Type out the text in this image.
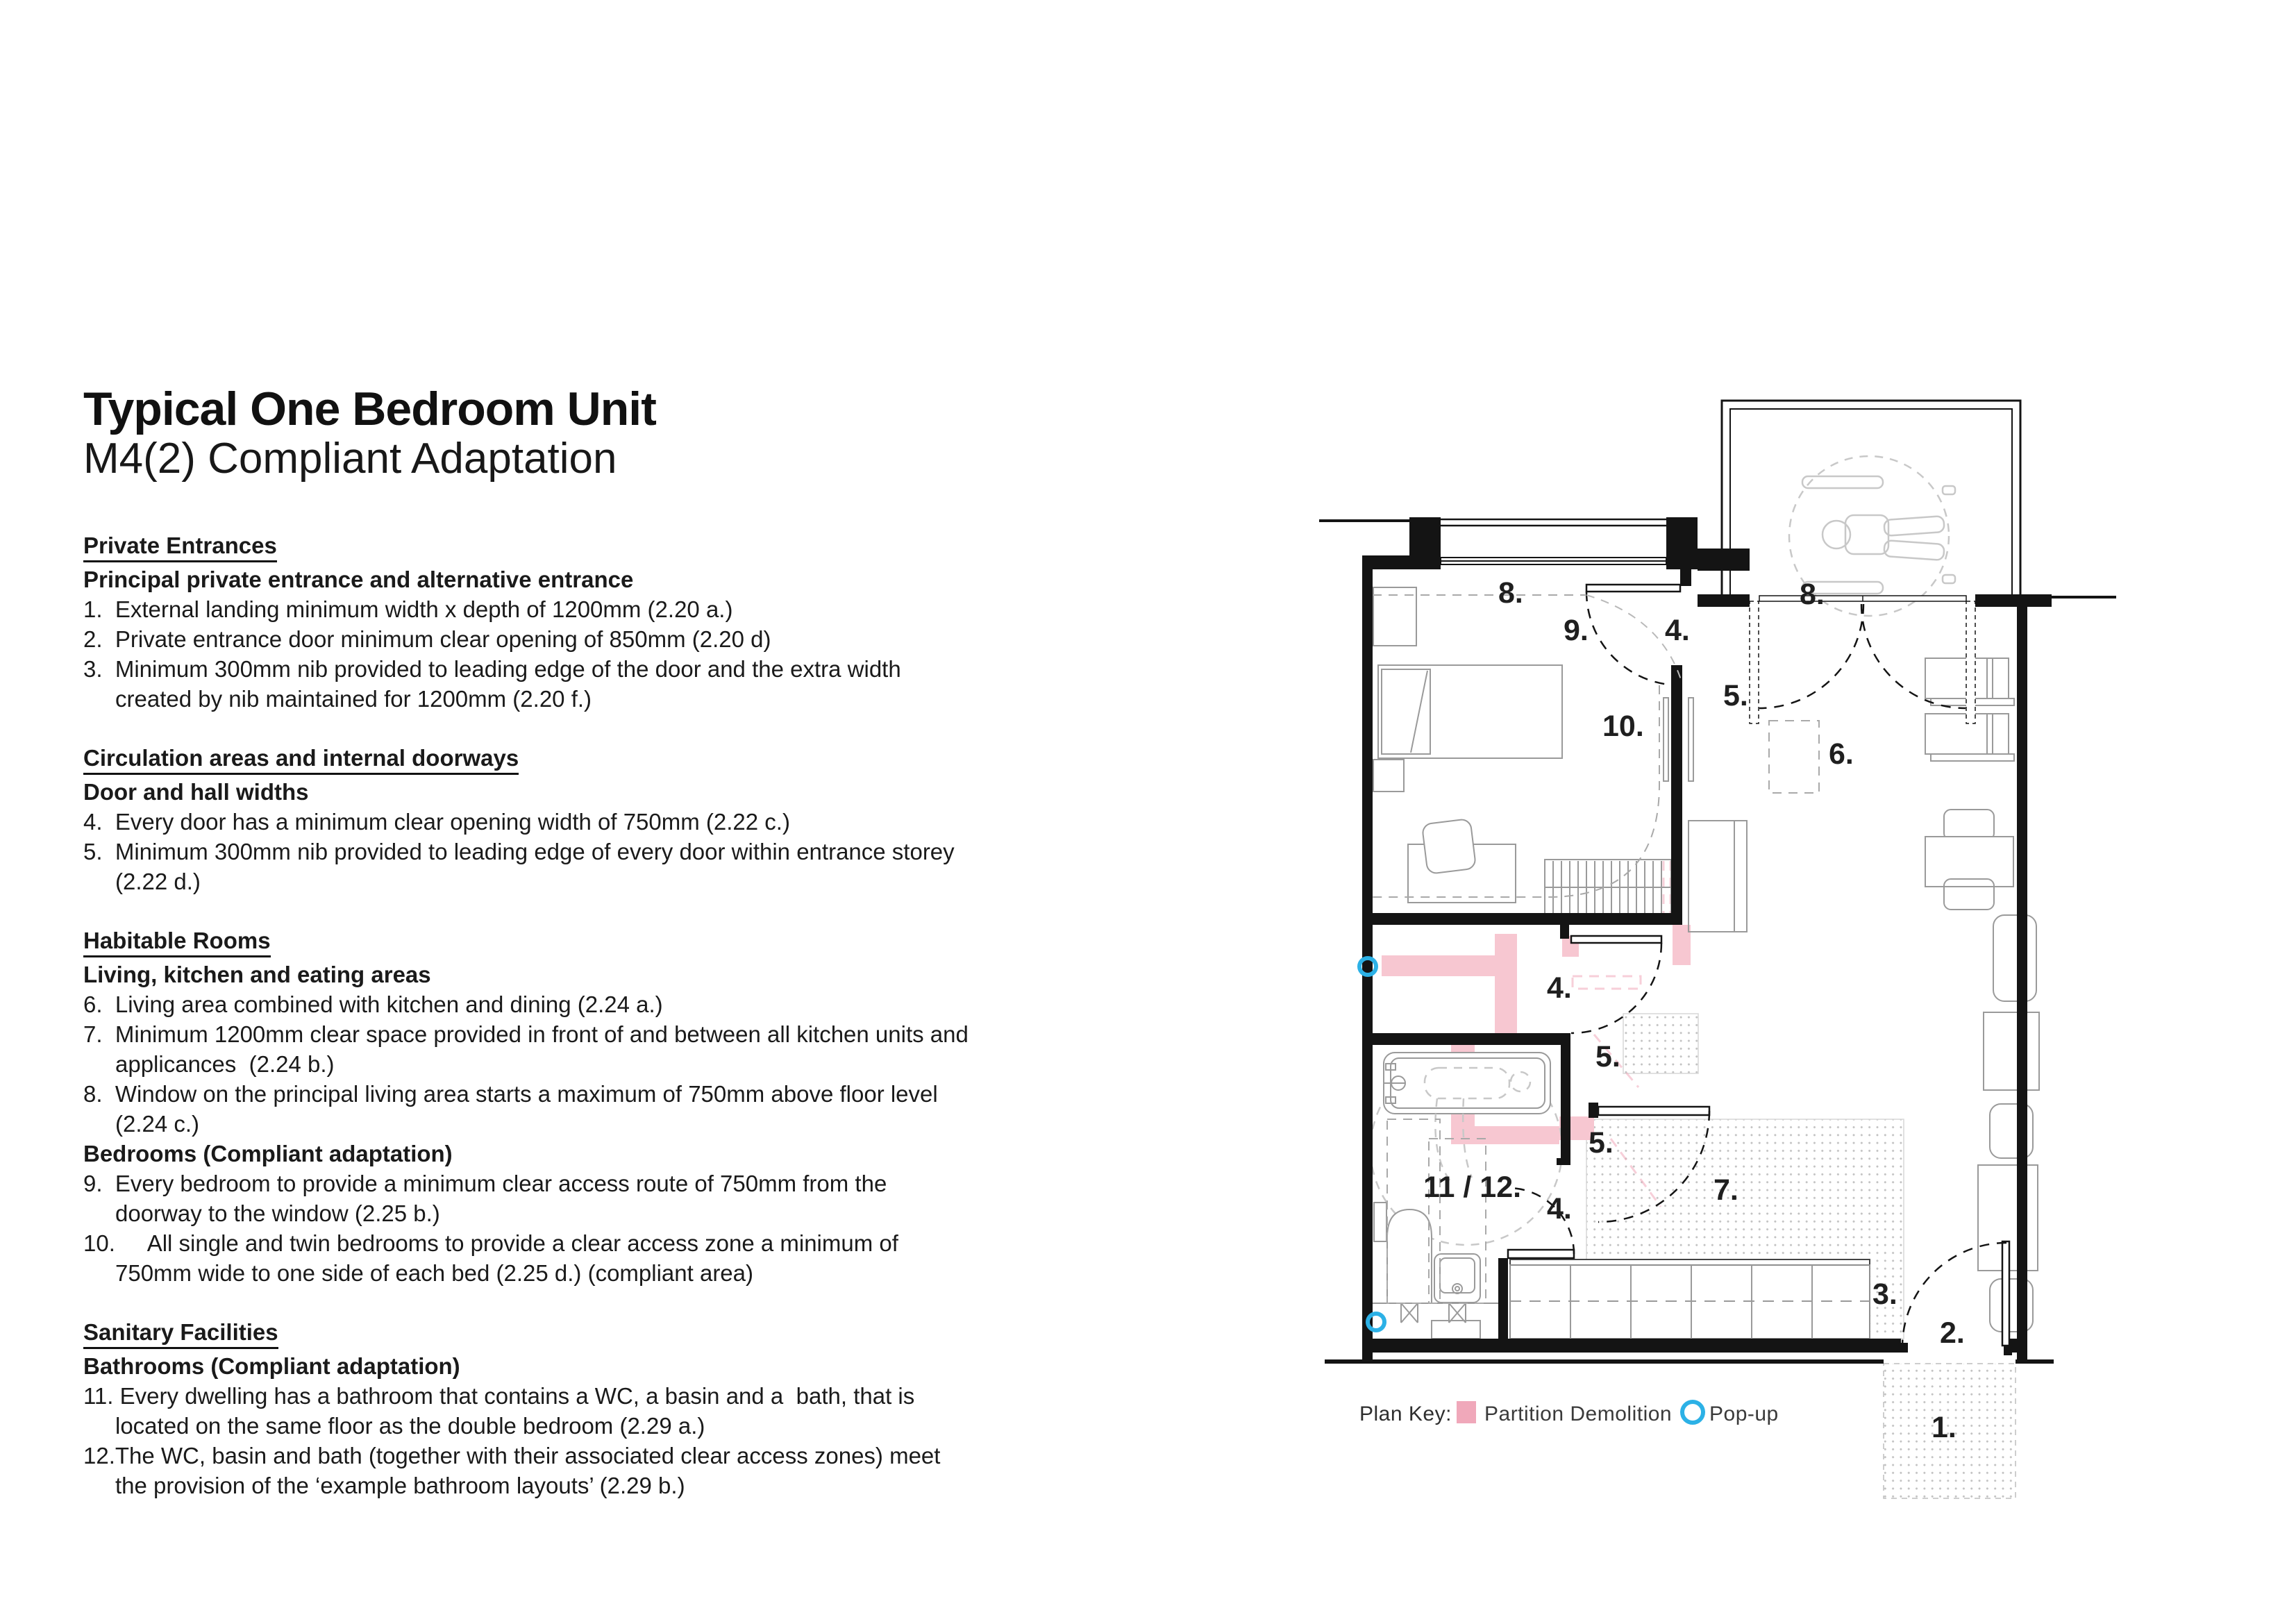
Typical One Bedroom Unit
M4(2) Compliant Adaptation
Private Entrances
Principal private entrance and alternative entrance
1.  External landing minimum width x depth of 1200mm (2.20 a.)
2.  Private entrance door minimum clear opening of 850mm (2.20 d)
3.  Minimum 300mm nib provided to leading edge of the door and the extra width created by nib maintained for 1200mm (2.20 f.)
Circulation areas and internal doorways
Door and hall widths
4.  Every door has a minimum clear opening width of 750mm (2.22 c.)
5.  Minimum 300mm nib provided to leading edge of every door within entrance storey (2.22 d.)
Habitable Rooms
Living, kitchen and eating areas
6.  Living area combined with kitchen and dining (2.24 a.)
7.  Minimum 1200mm clear space provided in front of and between all kitchen units and applicances  (2.24 b.)
8.  Window on the principal living area starts a maximum of 750mm above floor level (2.24 c.)
Bedrooms (Compliant adaptation)
9.  Every bedroom to provide a minimum clear access route of 750mm from the doorway to the window (2.25 b.)
10.     All single and twin bedrooms to provide a clear access zone a minimum of 750mm wide to one side of each bed (2.25 d.) (compliant area)
Sanitary Facilities
Bathrooms (Compliant adaptation)
11. Every dwelling has a bathroom that contains a WC, a basin and a  bath, that is located on the same floor as the double bedroom (2.29 a.)
12.The WC, basin and bath (together with their associated clear access zones) meet the provision of the ‘example bathroom layouts’ (2.29 b.)
8.
9.	4.
8.
5.
6.
10.
4.
5.
5.
11 / 12.
4.
7.
3.
2.
1.
Plan Key: Partition Demolition Pop-up
